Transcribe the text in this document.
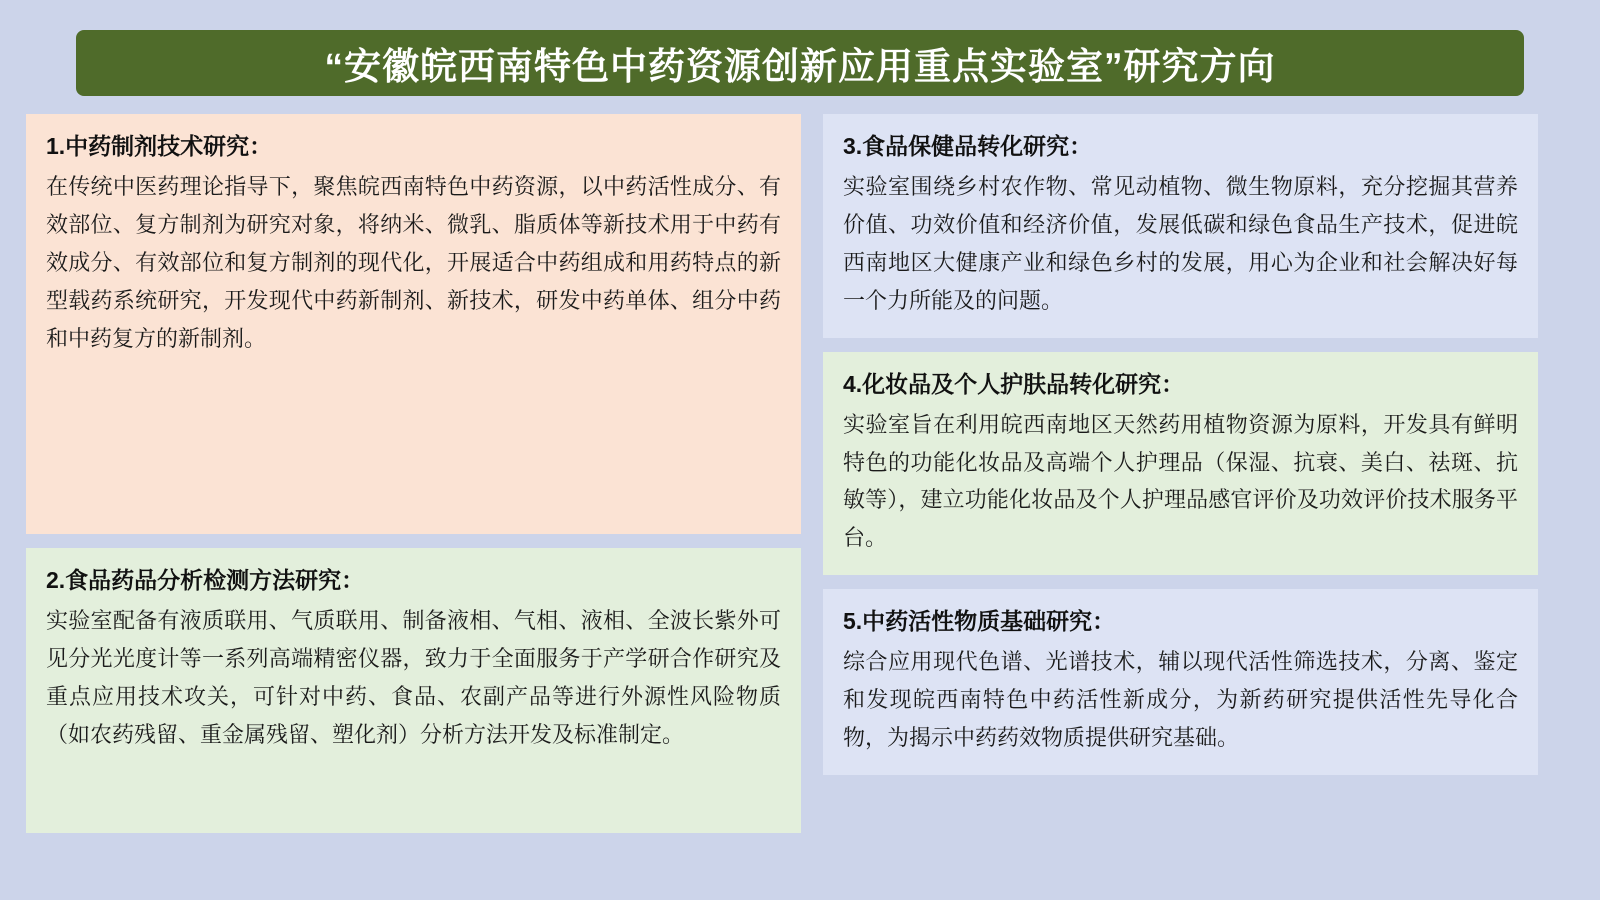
“安徽皖西南特色中药资源创新应用重点实验室”研究方向
1.中药制剂技术研究：
在传统中医药理论指导下，聚焦皖西南特色中药资源，以中药活性成分、有效部位、复方制剂为研究对象，将纳米、微乳、脂质体等新技术用于中药有效成分、有效部位和复方制剂的现代化，开展适合中药组成和用药特点的新型载药系统研究，开发现代中药新制剂、新技术，研发中药单体、组分中药和中药复方的新制剂。
2.食品药品分析检测方法研究：
实验室配备有液质联用、气质联用、制备液相、气相、液相、全波长紫外可见分光光度计等一系列高端精密仪器，致力于全面服务于产学研合作研究及重点应用技术攻关，可针对中药、食品、农副产品等进行外源性风险物质（如农药残留、重金属残留、塑化剂）分析方法开发及标准制定。
3.食品保健品转化研究：
实验室围绕乡村农作物、常见动植物、微生物原料，充分挖掘其营养价值、功效价值和经济价值，发展低碳和绿色食品生产技术，促进皖西南地区大健康产业和绿色乡村的发展，用心为企业和社会解决好每一个力所能及的问题。
4.化妆品及个人护肤品转化研究：
实验室旨在利用皖西南地区天然药用植物资源为原料，开发具有鲜明特色的功能化妆品及高端个人护理品（保湿、抗衰、美白、祛斑、抗敏等），建立功能化妆品及个人护理品感官评价及功效评价技术服务平台。
5.中药活性物质基础研究：
综合应用现代色谱、光谱技术，辅以现代活性筛选技术，分离、鉴定和发现皖西南特色中药活性新成分，为新药研究提供活性先导化合物，为揭示中药药效物质提供研究基础。
